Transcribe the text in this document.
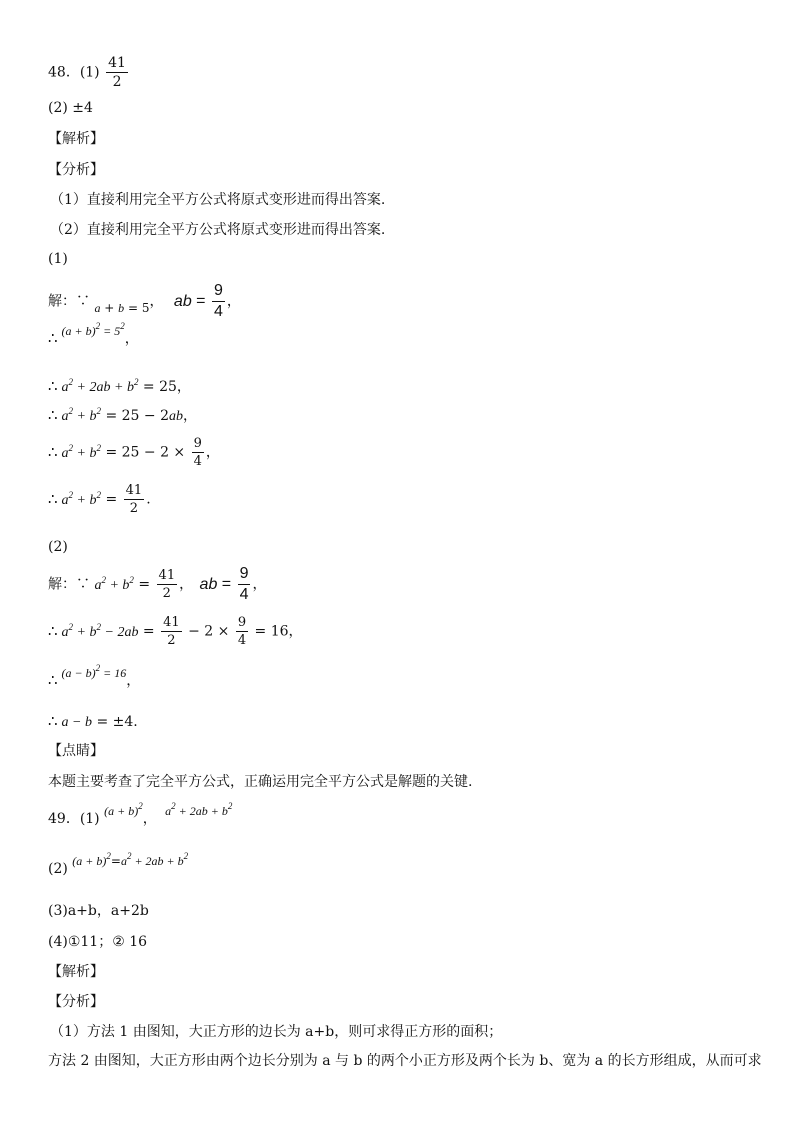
48．$(1) \frac{41}{2}$
(2) ±4
【解析】
【分析】
（1）直接利用完全平方公式将原式变形进而得出答案.
（2）直接利用完全平方公式将原式变形进而得出答案.
(1)
解：∵ a + b = 5， ab = $\frac{9}{4}$ ，
∴ $(a + b)^2 = 5^2$，
∴ $a^2 + 2ab + b^2 = 25$，
∴ $a^2 + b^2 = 25 - 2ab$，
∴ $a^2 + b^2 = 25 - 2 \times \frac{9}{4}$ ，
∴ $a^2 + b^2 = \frac{41}{2}$ .
(2)
解：∵ $a^2 + b^2 = \frac{41}{2}$ ， ab = $\frac{9}{4}$ ，
∴ $a^2 + b^2 - 2ab = \frac{41}{2} - 2 \times \frac{9}{4} = 16$，
∴ $(a - b)^2 = 16$，
∴ a − b = ±4.
【点睛】
本题主要考查了完全平方公式，正确运用完全平方公式是解题的关键.
49．(1) $(a + b)^2$， $a^2 + 2ab + b^2$
(2) $(a + b)^2=a^2 + 2ab + b^2$
(3)a+b，a+2b
(4)①11；② 16
【解析】
【分析】
（1）方法 1 由图知，大正方形的边长为 a+b，则可求得正方形的面积；
方法 2 由图知，大正方形由两个边长分别为 a 与 b 的两个小正方形及两个长为 b、宽为 a 的长方形组成，从而可求
